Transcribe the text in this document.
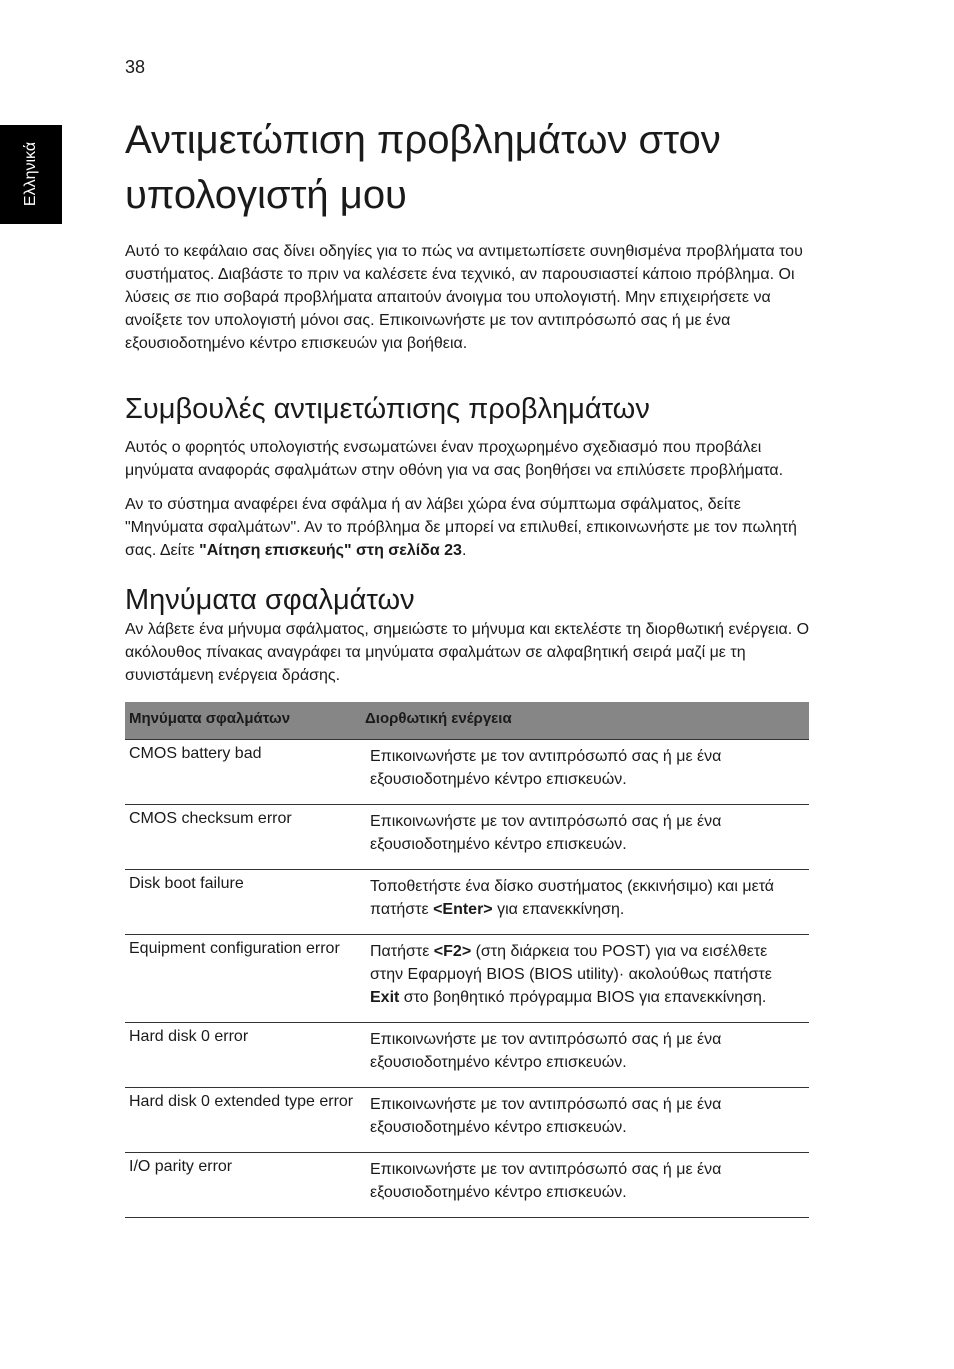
38
Ελληνικά
Αντιμετώπιση προβλημάτων στον υπολογιστή μου

Αυτό το κεφάλαιο σας δίνει οδηγίες για το πώς να αντιμετωπίσετε συνηθισμένα προβλήματα του συστήματος. Διαβάστε το πριν να καλέσετε ένα τεχνικό, αν παρουσιαστεί κάποιο πρόβλημα. Οι λύσεις σε πιο σοβαρά προβλήματα απαιτούν άνοιγμα του υπολογιστή. Μην επιχειρήσετε να ανοίξετε τον υπολογιστή μόνοι σας. Επικοινωνήστε με τον αντιπρόσωπό σας ή με ένα εξουσιοδοτημένο κέντρο επισκευών για βοήθεια.

Συμβουλές αντιμετώπισης προβλημάτων

Αυτός ο φορητός υπολογιστής ενσωματώνει έναν προχωρημένο σχεδιασμό που προβάλει μηνύματα αναφοράς σφαλμάτων στην οθόνη για να σας βοηθήσει να επιλύσετε προβλήματα.

Αν το σύστημα αναφέρει ένα σφάλμα ή αν λάβει χώρα ένα σύμπτωμα σφάλματος, δείτε "Μηνύματα σφαλμάτων". Αν το πρόβλημα δε μπορεί να επιλυθεί, επικοινωνήστε με τον πωλητή σας. Δείτε "Αίτηση επισκευής" στη σελίδα 23.

Μηνύματα σφαλμάτων

Αν λάβετε ένα μήνυμα σφάλματος, σημειώστε το μήνυμα και εκτελέστε τη διορθωτική ενέργεια. Ο ακόλουθος πίνακας αναγράφει τα μηνύματα σφαλμάτων σε αλφαβητική σειρά μαζί με τη συνιστάμενη ενέργεια δράσης.

Μηνύματα σφαλμάτων	Διορθωτική ενέργεια
CMOS battery bad	Επικοινωνήστε με τον αντιπρόσωπό σας ή με ένα εξουσιοδοτημένο κέντρο επισκευών.
CMOS checksum error	Επικοινωνήστε με τον αντιπρόσωπό σας ή με ένα εξουσιοδοτημένο κέντρο επισκευών.
Disk boot failure	Τοποθετήστε ένα δίσκο συστήματος (εκκινήσιμο) και μετά πατήστε <Enter> για επανεκκίνηση.
Equipment configuration error	Πατήστε <F2> (στη διάρκεια του POST) για να εισέλθετε στην Εφαρμογή BIOS (BIOS utility)· ακολούθως πατήστε Exit στο βοηθητικό πρόγραμμα BIOS για επανεκκίνηση.
Hard disk 0 error	Επικοινωνήστε με τον αντιπρόσωπό σας ή με ένα εξουσιοδοτημένο κέντρο επισκευών.
Hard disk 0 extended type error	Επικοινωνήστε με τον αντιπρόσωπό σας ή με ένα εξουσιοδοτημένο κέντρο επισκευών.
I/O parity error	Επικοινωνήστε με τον αντιπρόσωπό σας ή με ένα εξουσιοδοτημένο κέντρο επισκευών.
